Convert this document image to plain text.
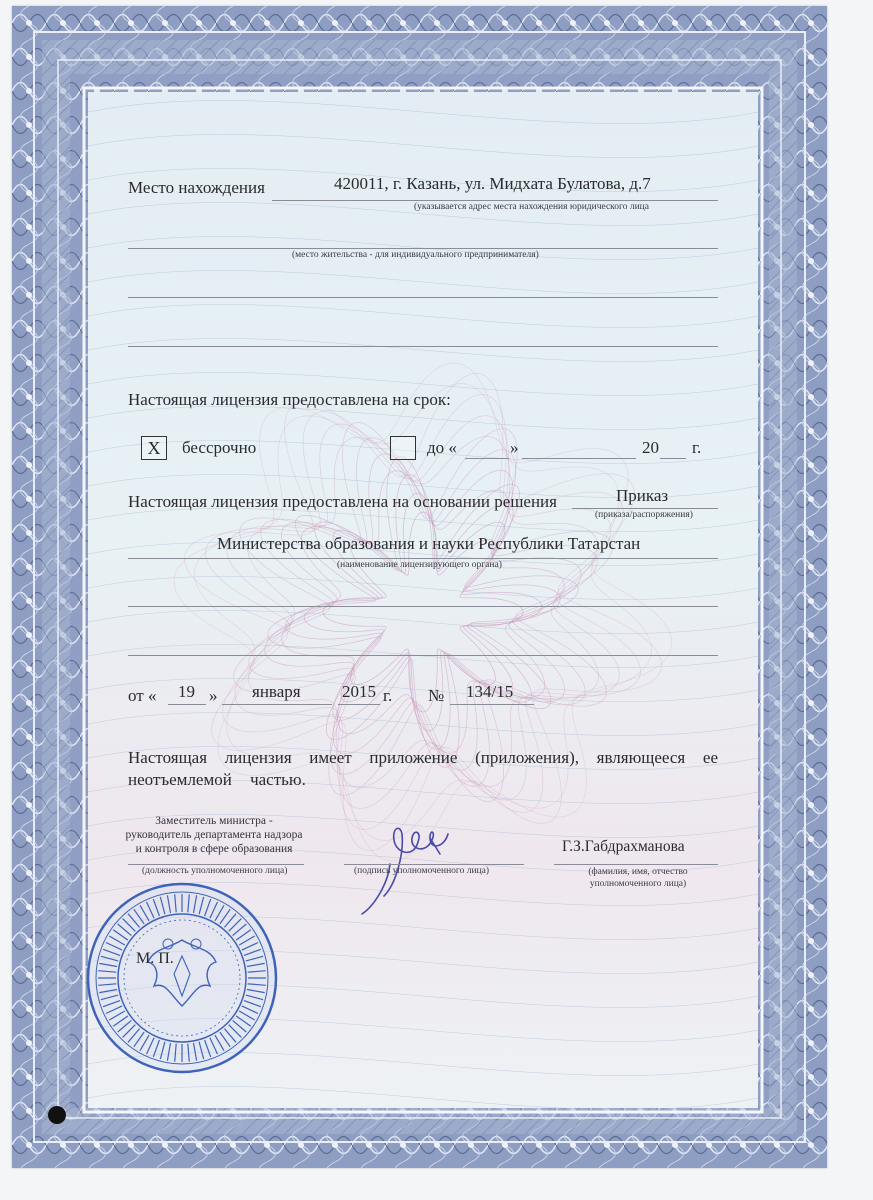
Место нахождения	420011, г. Казань, ул. Мидхата Булатова, д.7
(указывается адрес места нахождения юридического лица
(место жительства - для индивидуального предпринимателя)
Настоящая лицензия предоставлена на срок:
X	бессрочно	до «	»	20 г.
Настоящая лицензия предоставлена на основании решения	Приказ
(приказа/распоряжения)
Министерства образования и науки Республики Татарстан
(наименование лицензирующего органа)
от « 19 » января 2015 г. № 134/15
Настоящая лицензия имеет приложение (приложения), являющееся ее
неотъемлемой частью.
Заместитель министра -
руководитель департамента надзора
и контроля в сфере образования
(должность уполномоченного лица)	(подпись уполномоченного лица)
Г.З.Габдрахманова
(фамилия, имя, отчество
уполномоченного лица)
М. П.
